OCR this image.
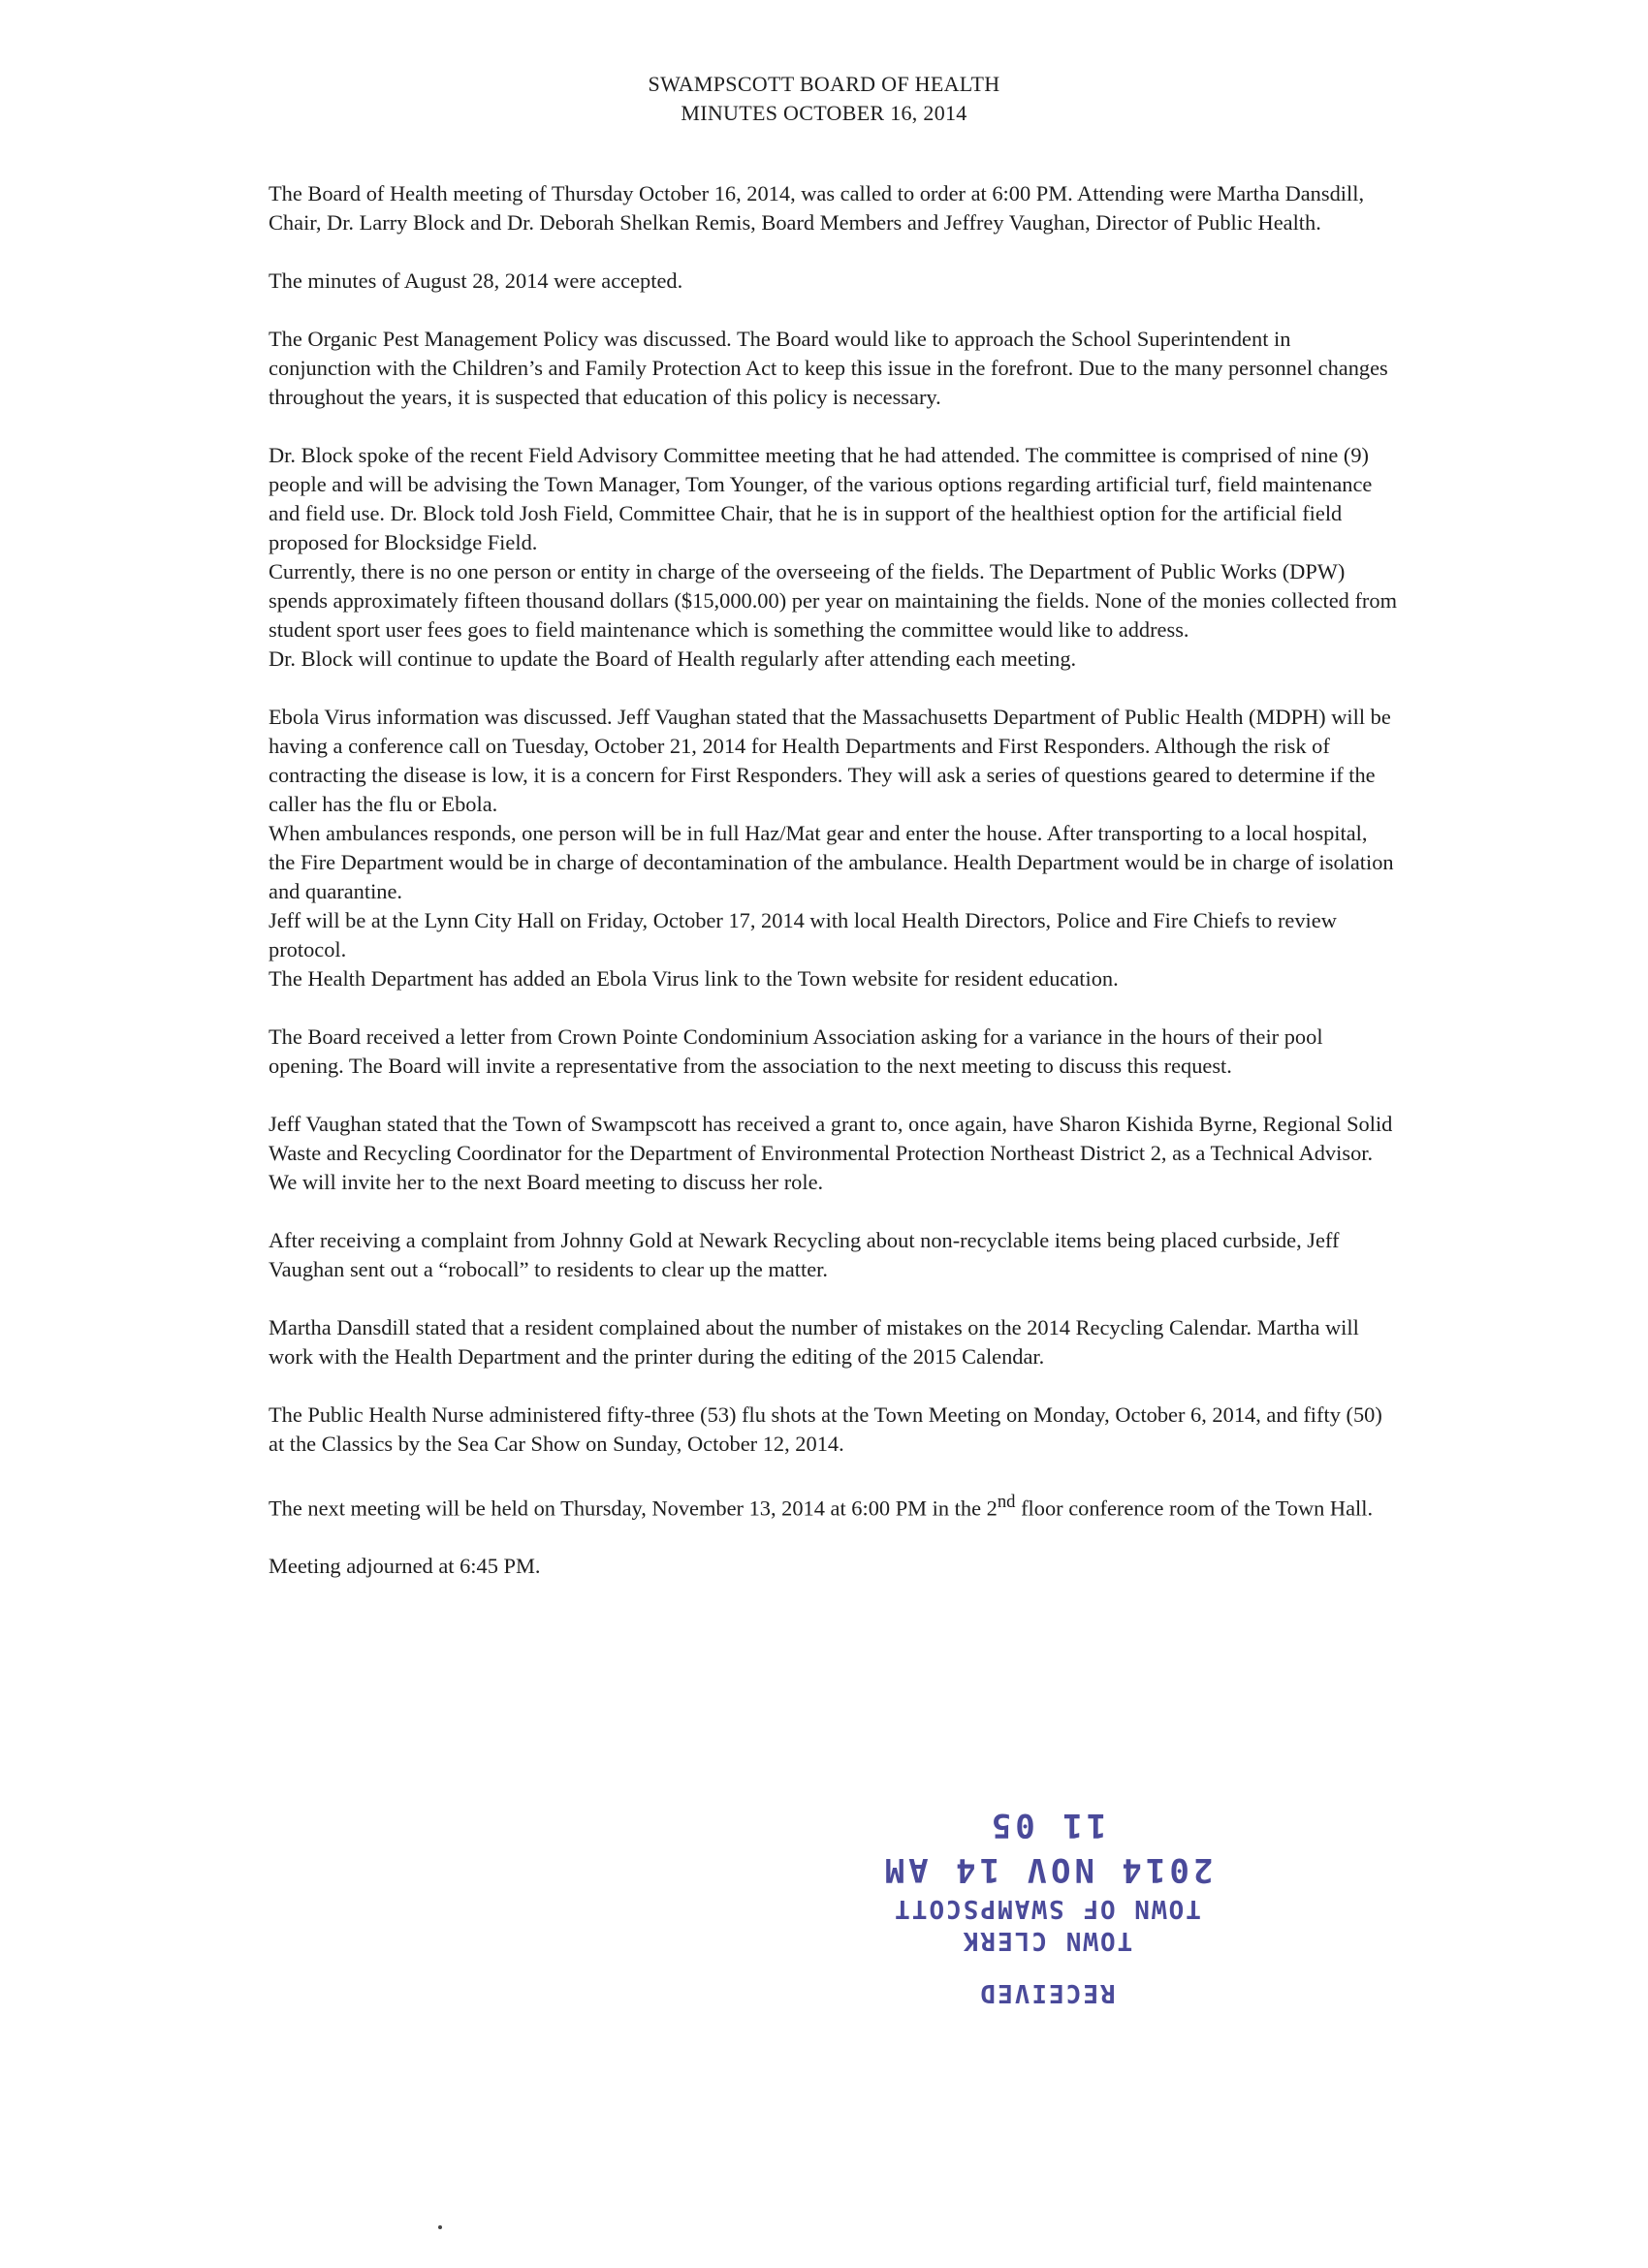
SWAMPSCOTT BOARD OF HEALTH
MINUTES OCTOBER 16, 2014

The Board of Health meeting of Thursday October 16, 2014, was called to order at 6:00 PM. Attending were Martha Dansdill, Chair, Dr. Larry Block and Dr. Deborah Shelkan Remis, Board Members and Jeffrey Vaughan, Director of Public Health.

The minutes of August 28, 2014 were accepted.

The Organic Pest Management Policy was discussed. The Board would like to approach the School Superintendent in conjunction with the Children’s and Family Protection Act to keep this issue in the forefront. Due to the many personnel changes throughout the years, it is suspected that education of this policy is necessary.

Dr. Block spoke of the recent Field Advisory Committee meeting that he had attended. The committee is comprised of nine (9) people and will be advising the Town Manager, Tom Younger, of the various options regarding artificial turf, field maintenance and field use. Dr. Block told Josh Field, Committee Chair, that he is in support of the healthiest option for the artificial field proposed for Blocksidge Field.

Currently, there is no one person or entity in charge of the overseeing of the fields. The Department of Public Works (DPW) spends approximately fifteen thousand dollars ($15,000.00) per year on maintaining the fields. None of the monies collected from student sport user fees goes to field maintenance which is something the committee would like to address.

Dr. Block will continue to update the Board of Health regularly after attending each meeting.

Ebola Virus information was discussed. Jeff Vaughan stated that the Massachusetts Department of Public Health (MDPH) will be having a conference call on Tuesday, October 21, 2014 for Health Departments and First Responders. Although the risk of contracting the disease is low, it is a concern for First Responders. They will ask a series of questions geared to determine if the caller has the flu or Ebola.

When ambulances responds, one person will be in full Haz/Mat gear and enter the house. After transporting to a local hospital, the Fire Department would be in charge of decontamination of the ambulance. Health Department would be in charge of isolation and quarantine.

Jeff will be at the Lynn City Hall on Friday, October 17, 2014 with local Health Directors, Police and Fire Chiefs to review protocol.

The Health Department has added an Ebola Virus link to the Town website for resident education.

The Board received a letter from Crown Pointe Condominium Association asking for a variance in the hours of their pool opening. The Board will invite a representative from the association to the next meeting to discuss this request.

Jeff Vaughan stated that the Town of Swampscott has received a grant to, once again, have Sharon Kishida Byrne, Regional Solid Waste and Recycling Coordinator for the Department of Environmental Protection Northeast District 2, as a Technical Advisor. We will invite her to the next Board meeting to discuss her role.

After receiving a complaint from Johnny Gold at Newark Recycling about non-recyclable items being placed curbside, Jeff Vaughan sent out a “robocall” to residents to clear up the matter.

Martha Dansdill stated that a resident complained about the number of mistakes on the 2014 Recycling Calendar. Martha will work with the Health Department and the printer during the editing of the 2015 Calendar.

The Public Health Nurse administered fifty-three (53) flu shots at the Town Meeting on Monday, October 6, 2014, and fifty (50) at the Classics by the Sea Car Show on Sunday, October 12, 2014.

The next meeting will be held on Thursday, November 13, 2014 at 6:00 PM in the 2nd floor conference room of the Town Hall.

Meeting adjourned at 6:45 PM.

RECEIVED
TOWN CLERK
TOWN OF SWAMPSCOTT
2014 NOV 14 AM 11 05
